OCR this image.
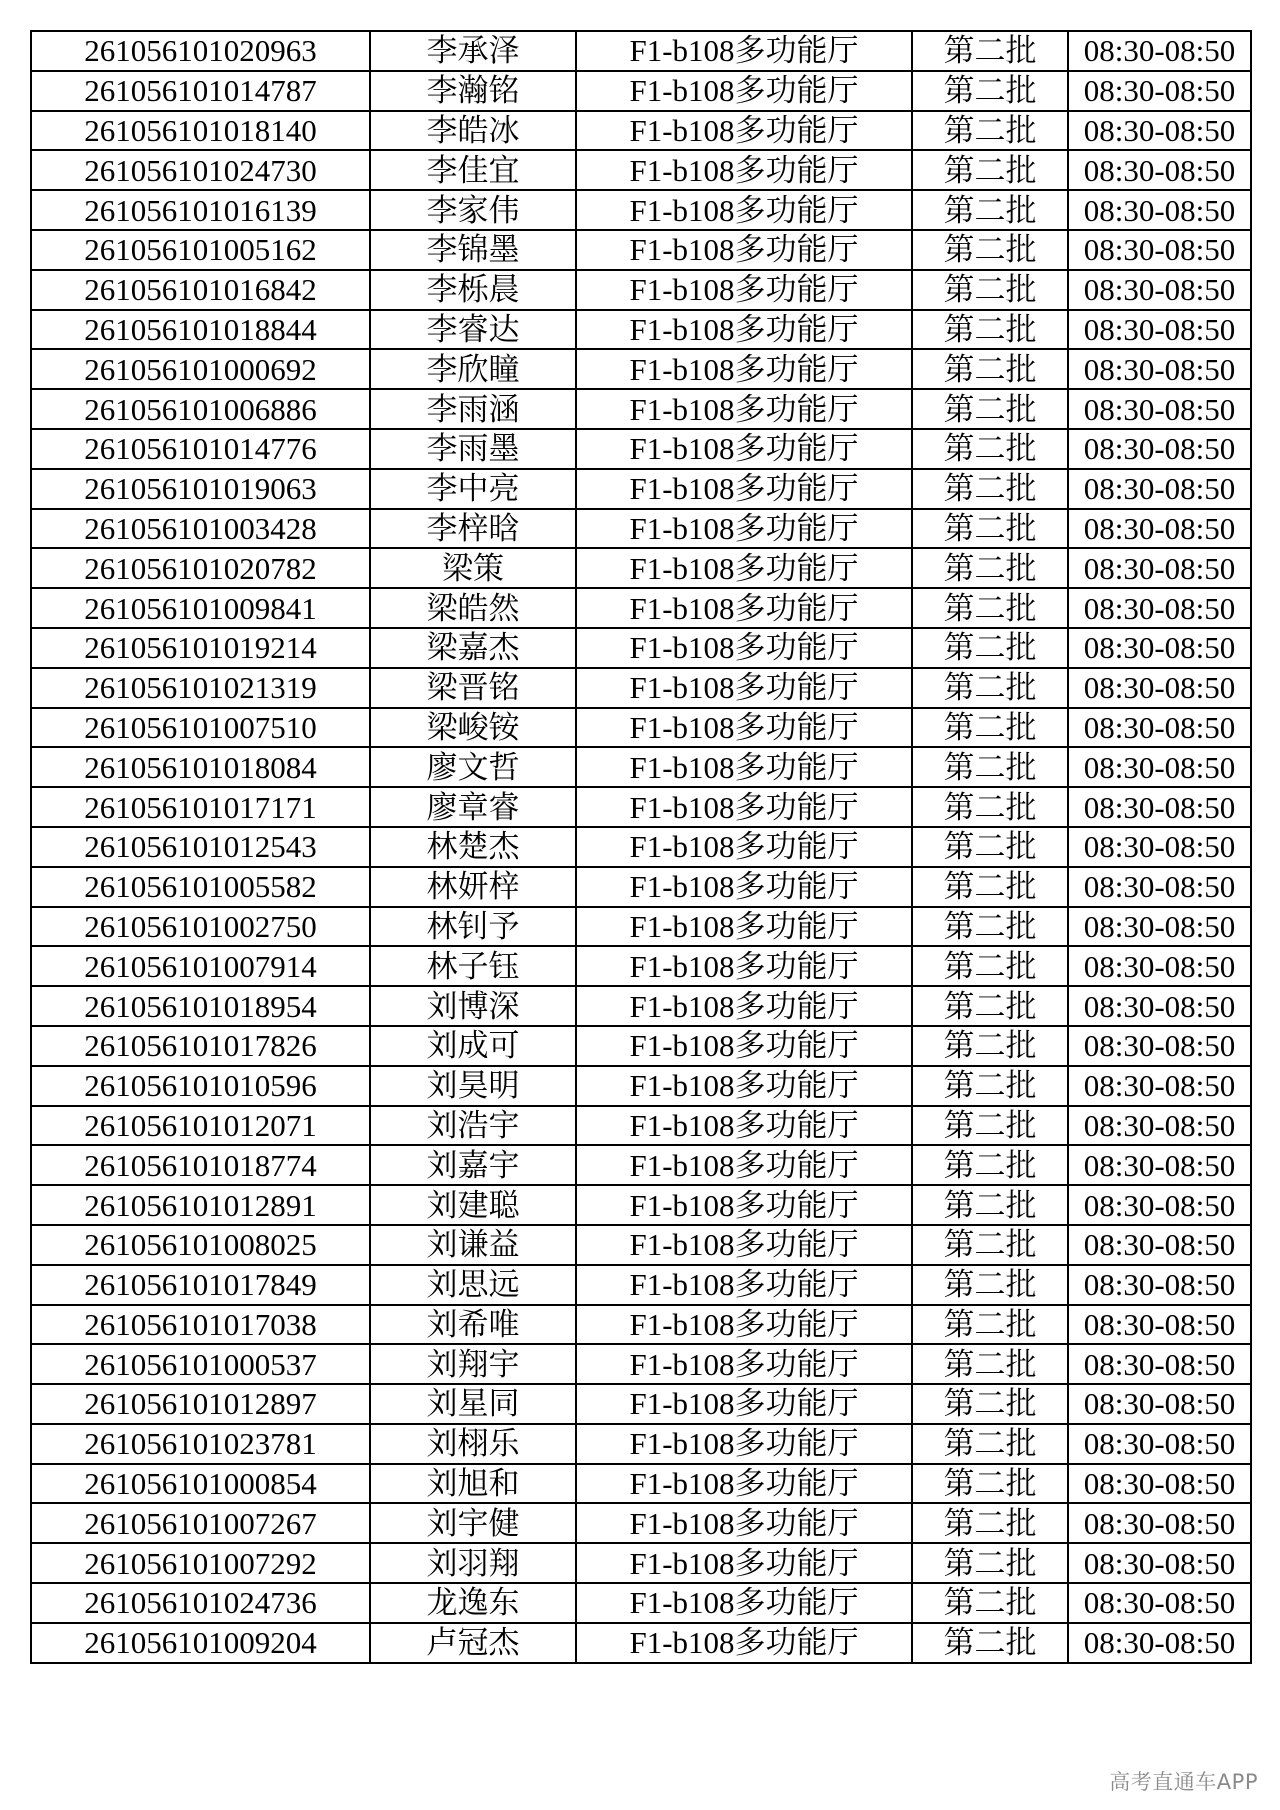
261056101020963	李承泽	F1-b108多功能厅	第二批	08:30-08:50
261056101014787	李瀚铭	F1-b108多功能厅	第二批	08:30-08:50
261056101018140	李皓冰	F1-b108多功能厅	第二批	08:30-08:50
261056101024730	李佳宜	F1-b108多功能厅	第二批	08:30-08:50
261056101016139	李家伟	F1-b108多功能厅	第二批	08:30-08:50
261056101005162	李锦墨	F1-b108多功能厅	第二批	08:30-08:50
261056101016842	李栎晨	F1-b108多功能厅	第二批	08:30-08:50
261056101018844	李睿达	F1-b108多功能厅	第二批	08:30-08:50
261056101000692	李欣瞳	F1-b108多功能厅	第二批	08:30-08:50
261056101006886	李雨涵	F1-b108多功能厅	第二批	08:30-08:50
261056101014776	李雨墨	F1-b108多功能厅	第二批	08:30-08:50
261056101019063	李中亮	F1-b108多功能厅	第二批	08:30-08:50
261056101003428	李梓晗	F1-b108多功能厅	第二批	08:30-08:50
261056101020782	梁策	F1-b108多功能厅	第二批	08:30-08:50
261056101009841	梁皓然	F1-b108多功能厅	第二批	08:30-08:50
261056101019214	梁嘉杰	F1-b108多功能厅	第二批	08:30-08:50
261056101021319	梁晋铭	F1-b108多功能厅	第二批	08:30-08:50
261056101007510	梁峻铵	F1-b108多功能厅	第二批	08:30-08:50
261056101018084	廖文哲	F1-b108多功能厅	第二批	08:30-08:50
261056101017171	廖章睿	F1-b108多功能厅	第二批	08:30-08:50
261056101012543	林楚杰	F1-b108多功能厅	第二批	08:30-08:50
261056101005582	林妍梓	F1-b108多功能厅	第二批	08:30-08:50
261056101002750	林钊予	F1-b108多功能厅	第二批	08:30-08:50
261056101007914	林子钰	F1-b108多功能厅	第二批	08:30-08:50
261056101018954	刘博深	F1-b108多功能厅	第二批	08:30-08:50
261056101017826	刘成可	F1-b108多功能厅	第二批	08:30-08:50
261056101010596	刘昊明	F1-b108多功能厅	第二批	08:30-08:50
261056101012071	刘浩宇	F1-b108多功能厅	第二批	08:30-08:50
261056101018774	刘嘉宇	F1-b108多功能厅	第二批	08:30-08:50
261056101012891	刘建聪	F1-b108多功能厅	第二批	08:30-08:50
261056101008025	刘谦益	F1-b108多功能厅	第二批	08:30-08:50
261056101017849	刘思远	F1-b108多功能厅	第二批	08:30-08:50
261056101017038	刘希唯	F1-b108多功能厅	第二批	08:30-08:50
261056101000537	刘翔宇	F1-b108多功能厅	第二批	08:30-08:50
261056101012897	刘星同	F1-b108多功能厅	第二批	08:30-08:50
261056101023781	刘栩乐	F1-b108多功能厅	第二批	08:30-08:50
261056101000854	刘旭和	F1-b108多功能厅	第二批	08:30-08:50
261056101007267	刘宇健	F1-b108多功能厅	第二批	08:30-08:50
261056101007292	刘羽翔	F1-b108多功能厅	第二批	08:30-08:50
261056101024736	龙逸东	F1-b108多功能厅	第二批	08:30-08:50
261056101009204	卢冠杰	F1-b108多功能厅	第二批	08:30-08:50
高考直通车APP
